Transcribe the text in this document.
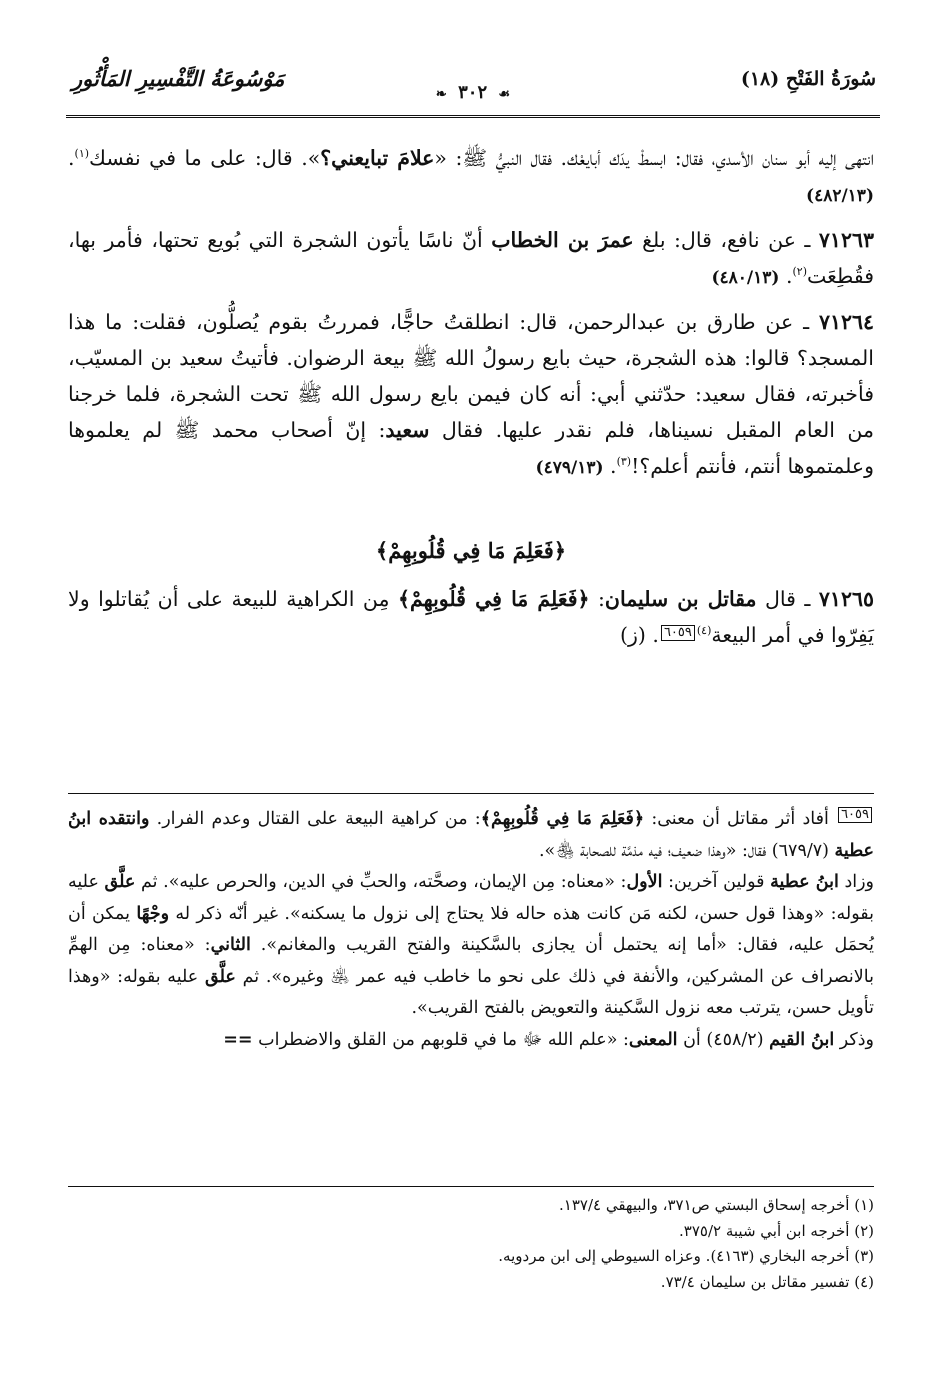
سُورَةُ الفَتْحِ (١٨)
❧ ٣٠٢ ☙
مَوْسُوعَةُ التَّفْسِيرِ المَأْثُورِ

انتهى إليه أبو سنان الأسدي، فقال: ابسطْ يدَك أبايعْك. فقال النبيُّ ﷺ: «علامَ تبايعني؟». قال: على ما في نفسك$^{(١)}$. (٤٨٢/١٣)

٧١٢٦٣ ـ عن نافع، قال: بلغ عمرَ بن الخطاب أنّ ناسًا يأتون الشجرة التي بُويع تحتها، فأمر بها، فقُطِعَت$^{(٢)}$. (٤٨٠/١٣)

٧١٢٦٤ ـ عن طارق بن عبدالرحمن، قال: انطلقتُ حاجًّا، فمررتُ بقوم يُصلُّون، فقلت: ما هذا المسجد؟ قالوا: هذه الشجرة، حيث بايع رسولُ الله ﷺ بيعة الرضوان. فأتيتُ سعيد بن المسيّب، فأخبرته، فقال سعيد: حدّثني أبي: أنه كان فيمن بايع رسول الله ﷺ تحت الشجرة، فلما خرجنا من العام المقبل نسيناها، فلم نقدر عليها. فقال سعيد: إنّ أصحاب محمد ﷺ لم يعلموها وعلمتموها أنتم، فأنتم أعلم؟!$^{(٣)}$. (٤٧٩/١٣)

﴿فَعَلِمَ مَا فِي قُلُوبِهِمْ﴾

٧١٢٦٥ ـ قال مقاتل بن سليمان: ﴿فَعَلِمَ مَا فِي قُلُوبِهِمْ﴾ مِن الكراهية للبيعة على أن يُقاتلوا ولا يَفِرّوا في أمر البيعة$^{(٤)}$٦٠٥٩. (ز)

٦٠٥٩ أفاد أثر مقاتل أن معنى: ﴿فَعَلِمَ مَا فِي قُلُوبِهِمْ﴾: من كراهية البيعة على القتال وعدم الفرار. وانتقده ابنُ عطية (٦٧٩/٧) فقال: «وهذا ضعيف؛ فيه مذمَّة للصحابة ﵃».

وزاد ابنُ عطية قولين آخرين: الأول: «معناه: مِن الإيمان، وصحَّته، والحبِّ في الدين، والحرص عليه». ثم علَّق عليه بقوله: «وهذا قول حسن، لكنه مَن كانت هذه حاله فلا يحتاج إلى نزول ما يسكنه». غير أنّه ذكر له وجْهًا يمكن أن يُحمَل عليه، فقال: «أما إنه يحتمل أن يجازى بالسَّكينة والفتح القريب والمغانم». الثاني: «معناه: مِن الهمِّ بالانصراف عن المشركين، والأنفة في ذلك على نحو ما خاطب فيه عمر ﵁ وغيره». ثم علَّق عليه بقوله: «وهذا تأويل حسن، يترتب معه نزول السَّكينة والتعويض بالفتح القريب».

وذكر ابنُ القيم (٤٥٨/٢) أن المعنى: «علم الله ﷻ ما في قلوبهم من القلق والاضطراب ==

(١) أخرجه إسحاق البستي ص٣٧١، والبيهقي ١٣٧/٤.

(٢) أخرجه ابن أبي شيبة ٣٧٥/٢.

(٣) أخرجه البخاري (٤١٦٣). وعزاه السيوطي إلى ابن مردويه.

(٤) تفسير مقاتل بن سليمان ٧٣/٤.
